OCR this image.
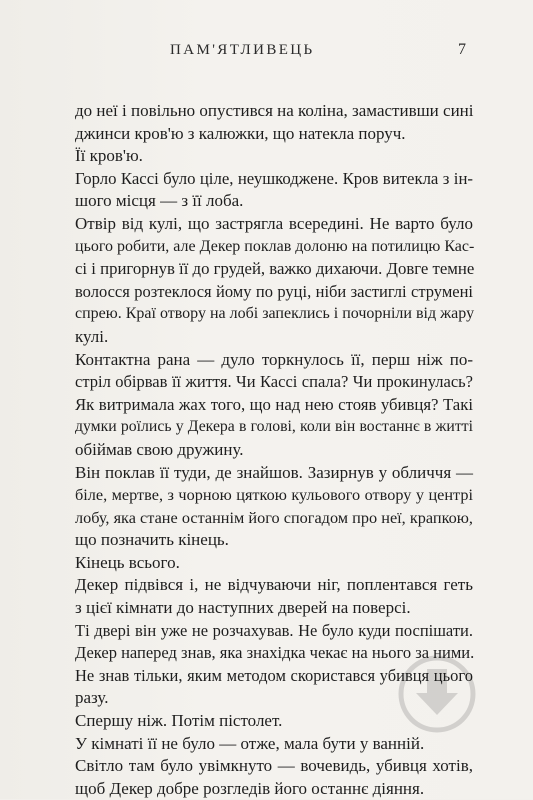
ПАМ'ЯТЛИВЕЦЬ	7
до неї і повільно опустився на коліна, замастивши сині
джинси кров'ю з калюжки, що натекла поруч.
Її кров'ю.
Горло Кассі було ціле, неушкоджене. Кров витекла з ін-
шого місця — з її лоба.
Отвір від кулі, що застрягла всередині. Не варто було
цього робити, але Декер поклав долоню на потилицю Кас-
сі і пригорнув її до грудей, важко дихаючи. Довге темне
волосся розтеклося йому по руці, ніби застиглі струмені
спрею. Краї отвору на лобі запеклись і почорніли від жару
кулі.
Контактна рана — дуло торкнулось її, перш ніж по-
стріл обірвав її життя. Чи Кассі спала? Чи прокинулась?
Як витримала жах того, що над нею стояв убивця? Такі
думки роїлись у Декера в голові, коли він востаннє в житті
обіймав свою дружину.
Він поклав її туди, де знайшов. Зазирнув у обличчя —
біле, мертве, з чорною цяткою кульового отвору у центрі
лобу, яка стане останнім його спогадом про неї, крапкою,
що позначить кінець.
Кінець всього.
Декер підвівся і, не відчуваючи ніг, поплентався геть
з цієї кімнати до наступних дверей на поверсі.
Ті двері він уже не розчахував. Не було куди поспішати.
Декер наперед знав, яка знахідка чекає на нього за ними.
Не знав тільки, яким методом скористався убивця цього
разу.
Спершу ніж. Потім пістолет.
У кімнаті її не було — отже, мала бути у ванній.
Світло там було увімкнуто — вочевидь, убивця хотів,
щоб Декер добре розгледів його останнє діяння.
